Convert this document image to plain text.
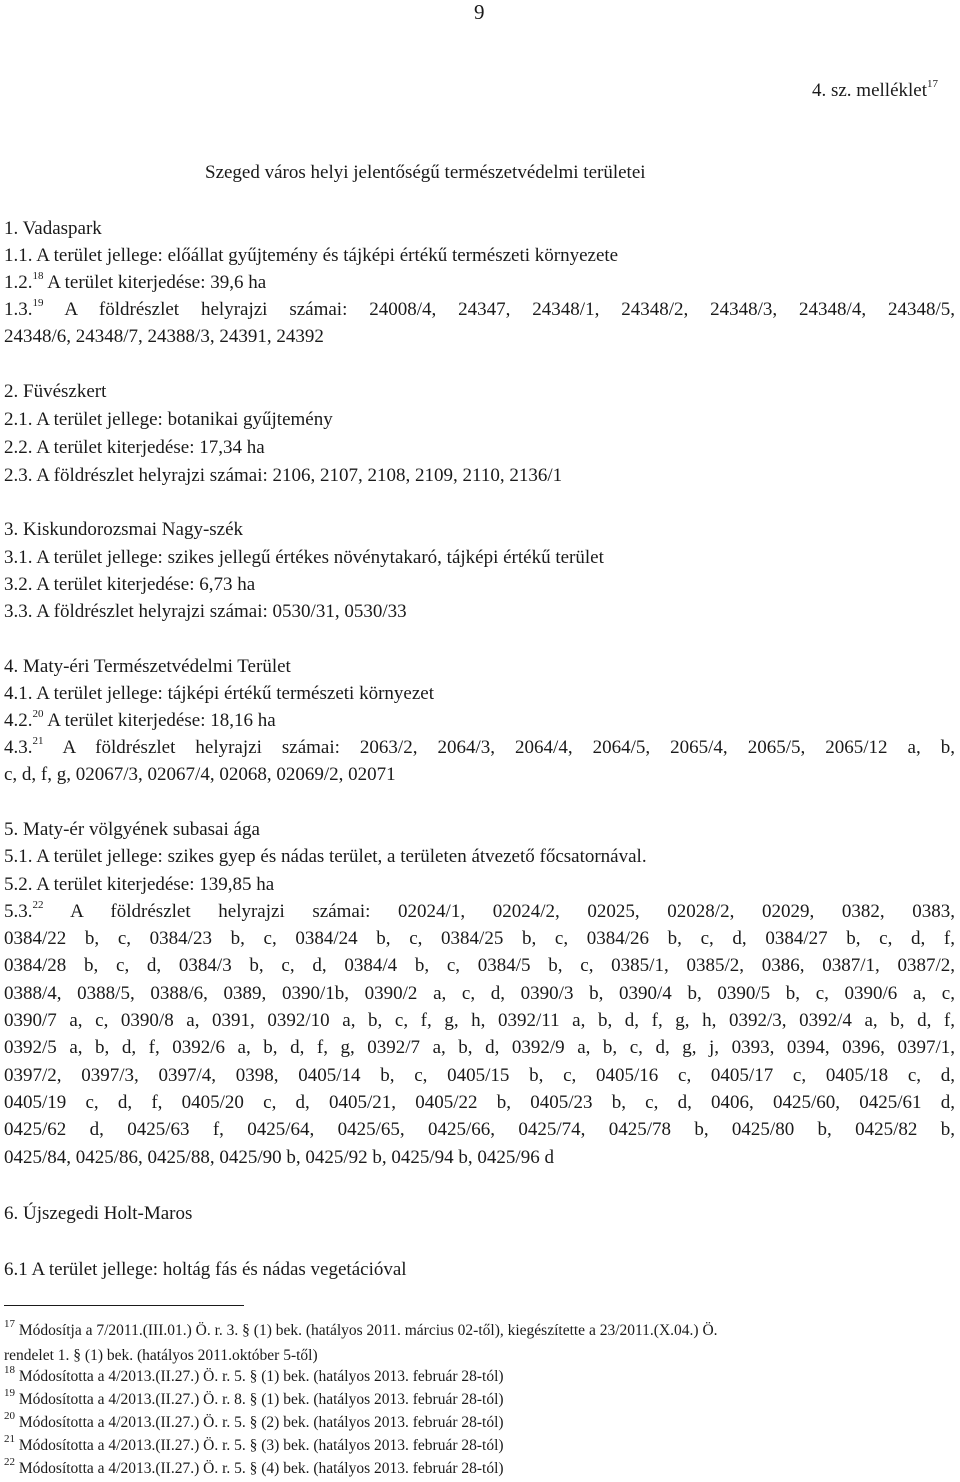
9
4. sz. melléklet$^{17}$
Szeged város helyi jelentőségű természetvédelmi területei
1. Vadaspark
1.1. A terület jellege: előállat gyűjtemény és tájképi értékű természeti környezete
1.2.18 A terület kiterjedése: 39,6 ha
1.3.19 A földrészlet helyrajzi számai: 24008/4, 24347, 24348/1, 24348/2, 24348/3, 24348/4, 24348/5,
24348/6, 24348/7, 24388/3, 24391, 24392
2. Füvészkert
2.1. A terület jellege: botanikai gyűjtemény
2.2. A terület kiterjedése: 17,34 ha
2.3. A földrészlet helyrajzi számai: 2106, 2107, 2108, 2109, 2110, 2136/1
3. Kiskundorozsmai Nagy-szék
3.1. A terület jellege: szikes jellegű értékes növénytakaró, tájképi értékű terület
3.2. A terület kiterjedése: 6,73 ha
3.3. A földrészlet helyrajzi számai: 0530/31, 0530/33
4. Maty-éri Természetvédelmi Terület
4.1. A terület jellege: tájképi értékű természeti környezet
4.2.20 A terület kiterjedése: 18,16 ha
4.3.21 A földrészlet helyrajzi számai: 2063/2, 2064/3, 2064/4, 2064/5, 2065/4, 2065/5, 2065/12 a, b,
c, d, f, g, 02067/3, 02067/4, 02068, 02069/2, 02071
5. Maty-ér völgyének subasai ága
5.1. A terület jellege: szikes gyep és nádas terület, a területen átvezető főcsatornával.
5.2. A terület kiterjedése: 139,85 ha
5.3.22 A földrészlet helyrajzi számai: 02024/1, 02024/2, 02025, 02028/2, 02029, 0382, 0383,
0384/22 b, c, 0384/23 b, c, 0384/24 b, c, 0384/25 b, c, 0384/26 b, c, d, 0384/27 b, c, d, f,
0384/28 b, c, d, 0384/3 b, c, d, 0384/4 b, c, 0384/5 b, c, 0385/1, 0385/2, 0386, 0387/1, 0387/2,
0388/4, 0388/5, 0388/6, 0389, 0390/1b, 0390/2 a, c, d, 0390/3 b, 0390/4 b, 0390/5 b, c, 0390/6 a, c,
0390/7 a, c, 0390/8 a, 0391, 0392/10 a, b, c, f, g, h, 0392/11 a, b, d, f, g, h, 0392/3, 0392/4 a, b, d, f,
0392/5 a, b, d, f, 0392/6 a, b, d, f, g, 0392/7 a, b, d, 0392/9 a, b, c, d, g, j, 0393, 0394, 0396, 0397/1,
0397/2, 0397/3, 0397/4, 0398, 0405/14 b, c, 0405/15 b, c, 0405/16 c, 0405/17 c, 0405/18 c, d,
0405/19 c, d, f, 0405/20 c, d, 0405/21, 0405/22 b, 0405/23 b, c, d, 0406, 0425/60, 0425/61 d,
0425/62 d, 0425/63 f, 0425/64, 0425/65, 0425/66, 0425/74, 0425/78 b, 0425/80 b, 0425/82 b,
0425/84, 0425/86, 0425/88, 0425/90 b, 0425/92 b, 0425/94 b, 0425/96 d
6. Újszegedi Holt-Maros
6.1 A terület jellege: holtág fás és nádas vegetációval
$^{17}$ Módosítja a 7/2011.(III.01.) Ö. r. 3. § (1) bek. (hatályos 2011. március 02-től), kiegészítette a 23/2011.(X.04.) Ö.
rendelet 1. § (1) bek. (hatályos 2011.október 5-től)
$^{18}$ Módosította a 4/2013.(II.27.) Ö. r. 5. § (1) bek. (hatályos 2013. február 28-tól)
$^{19}$ Módosította a 4/2013.(II.27.) Ö. r. 8. § (1) bek. (hatályos 2013. február 28-tól)
$^{20}$ Módosította a 4/2013.(II.27.) Ö. r. 5. § (2) bek. (hatályos 2013. február 28-tól)
$^{21}$ Módosította a 4/2013.(II.27.) Ö. r. 5. § (3) bek. (hatályos 2013. február 28-tól)
$^{22}$ Módosította a 4/2013.(II.27.) Ö. r. 5. § (4) bek. (hatályos 2013. február 28-tól)
